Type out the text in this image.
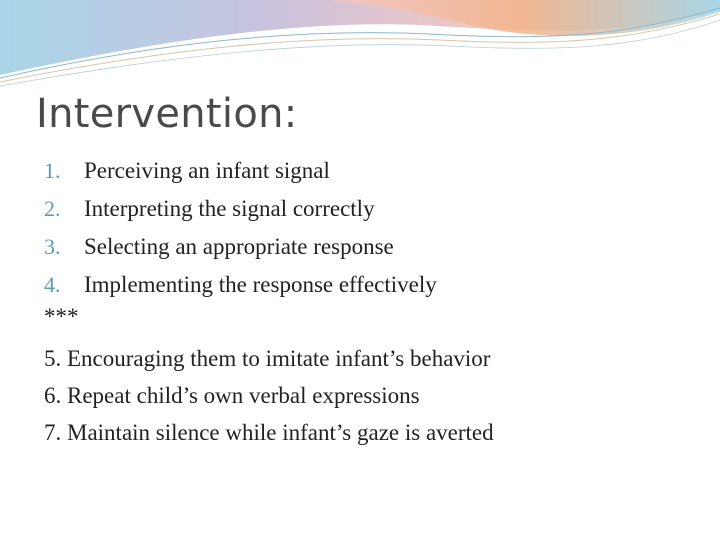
Intervention:
1.	Perceiving an infant signal
2.	Interpreting the signal correctly
3.	Selecting an appropriate response
4.	Implementing the response effectively
***
5. Encouraging them to imitate infant’s behavior
6. Repeat child’s own verbal expressions
7. Maintain silence while infant’s gaze is averted
